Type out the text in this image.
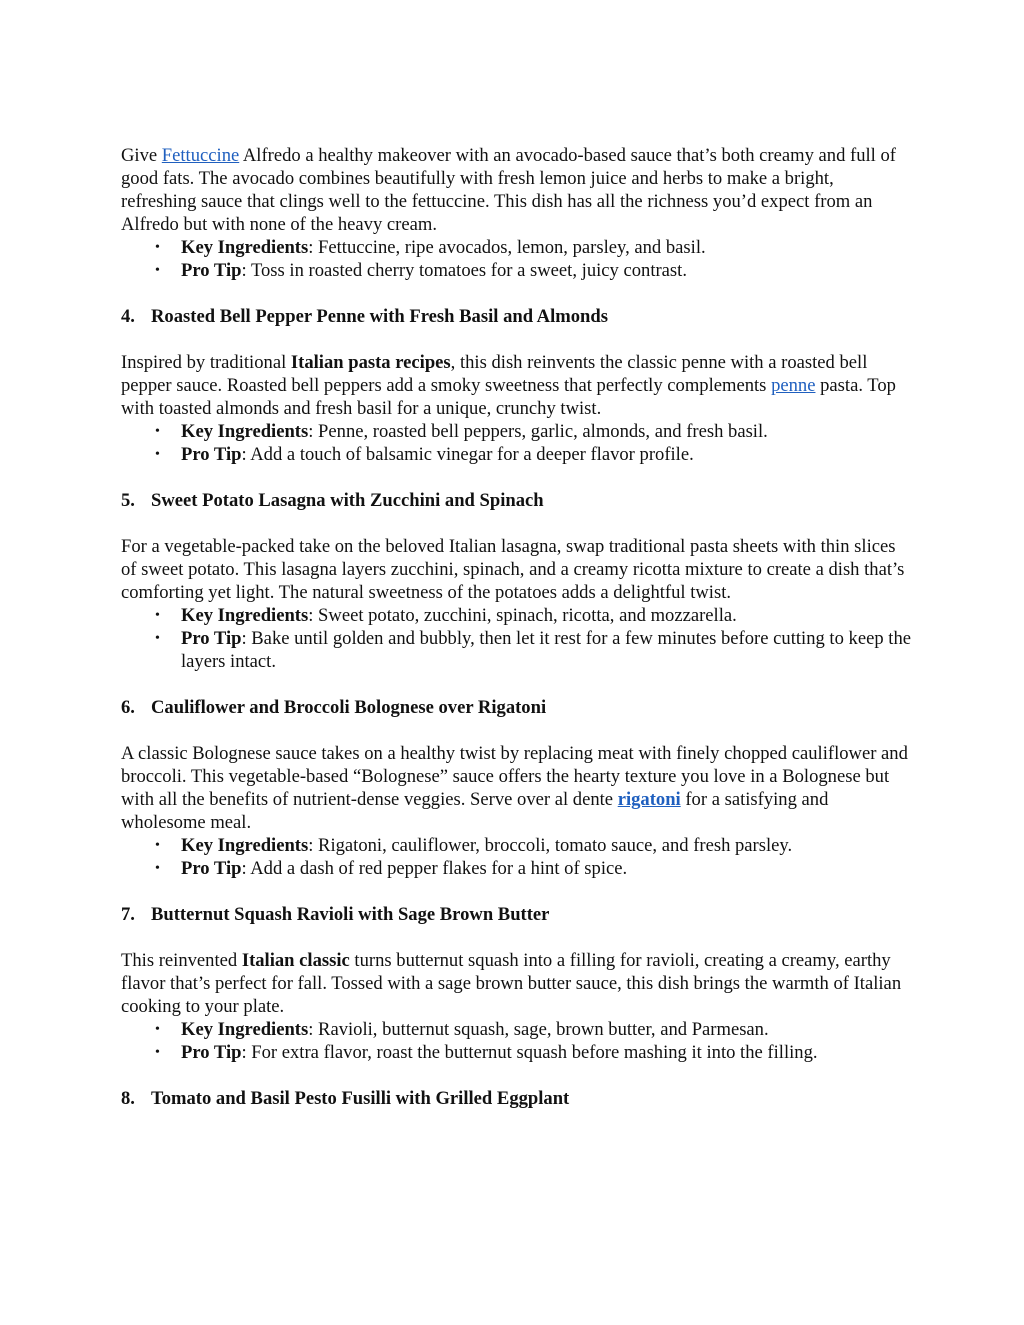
Give Fettuccine Alfredo a healthy makeover with an avocado-based sauce that’s both creamy and full of good fats. The avocado combines beautifully with fresh lemon juice and herbs to make a bright, refreshing sauce that clings well to the fettuccine. This dish has all the richness you’d expect from an Alfredo but with none of the heavy cream.

• Key Ingredients: Fettuccine, ripe avocados, lemon, parsley, and basil.
• Pro Tip: Toss in roasted cherry tomatoes for a sweet, juicy contrast.
4. Roasted Bell Pepper Penne with Fresh Basil and Almonds

Inspired by traditional Italian pasta recipes, this dish reinvents the classic penne with a roasted bell pepper sauce. Roasted bell peppers add a smoky sweetness that perfectly complements penne pasta. Top with toasted almonds and fresh basil for a unique, crunchy twist.

• Key Ingredients: Penne, roasted bell peppers, garlic, almonds, and fresh basil.
• Pro Tip: Add a touch of balsamic vinegar for a deeper flavor profile.
5. Sweet Potato Lasagna with Zucchini and Spinach

For a vegetable-packed take on the beloved Italian lasagna, swap traditional pasta sheets with thin slices of sweet potato. This lasagna layers zucchini, spinach, and a creamy ricotta mixture to create a dish that’s comforting yet light. The natural sweetness of the potatoes adds a delightful twist.

• Key Ingredients: Sweet potato, zucchini, spinach, ricotta, and mozzarella.
• Pro Tip: Bake until golden and bubbly, then let it rest for a few minutes before cutting to keep the layers intact.
6. Cauliflower and Broccoli Bolognese over Rigatoni

A classic Bolognese sauce takes on a healthy twist by replacing meat with finely chopped cauliflower and broccoli. This vegetable-based “Bolognese” sauce offers the hearty texture you love in a Bolognese but with all the benefits of nutrient-dense veggies. Serve over al dente rigatoni for a satisfying and wholesome meal.

• Key Ingredients: Rigatoni, cauliflower, broccoli, tomato sauce, and fresh parsley.
• Pro Tip: Add a dash of red pepper flakes for a hint of spice.
7. Butternut Squash Ravioli with Sage Brown Butter

This reinvented Italian classic turns butternut squash into a filling for ravioli, creating a creamy, earthy flavor that’s perfect for fall. Tossed with a sage brown butter sauce, this dish brings the warmth of Italian cooking to your plate.

• Key Ingredients: Ravioli, butternut squash, sage, brown butter, and Parmesan.
• Pro Tip: For extra flavor, roast the butternut squash before mashing it into the filling.
8. Tomato and Basil Pesto Fusilli with Grilled Eggplant
